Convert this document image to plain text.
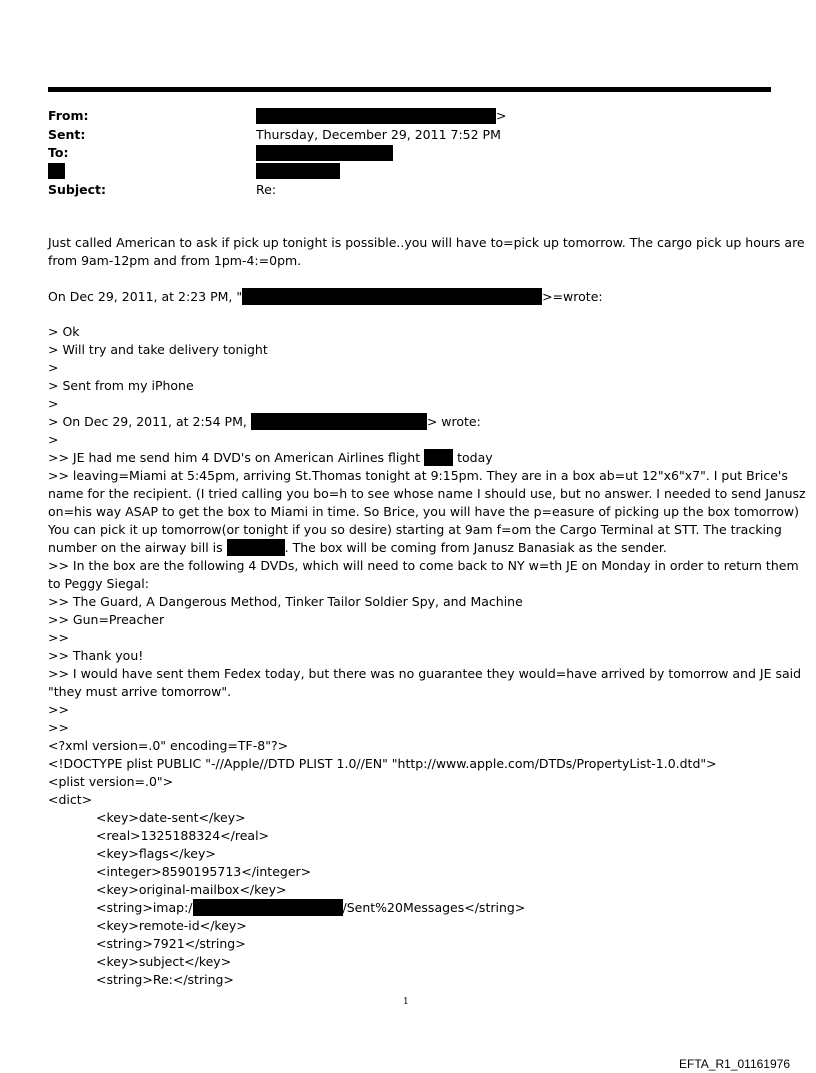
From:	>
Sent:	Thursday, December 29, 2011 7:52 PM
To:
Subject:	Re:
Just called American to ask if pick up tonight is possible..you will have to=pick up tomorrow. The cargo pick up hours are
from 9am-12pm and from 1pm-4:=0pm.
On Dec 29, 2011, at 2:23 PM, "	>=wrote:
> Ok
> Will try and take delivery tonight
>
> Sent from my iPhone
>
> On Dec 29, 2011, at 2:54 PM,	> wrote:
>
>> JE had me send him 4 DVD's on American Airlines flight	today
>> leaving=Miami at 5:45pm, arriving St.Thomas tonight at 9:15pm. They are in a box ab=ut 12"x6"x7". I put Brice's
name for the recipient. (I tried calling you bo=h to see whose name I should use, but no answer. I needed to send Janusz
on=his way ASAP to get the box to Miami in time. So Brice, you will have the p=easure of picking up the box tomorrow)
You can pick it up tomorrow(or tonight if you so desire) starting at 9am f=om the Cargo Terminal at STT. The tracking
number on the airway bill is	. The box will be coming from Janusz Banasiak as the sender.
>> In the box are the following 4 DVDs, which will need to come back to NY w=th JE on Monday in order to return them
to Peggy Siegal:
>> The Guard, A Dangerous Method, Tinker Tailor Soldier Spy, and Machine
>> Gun=Preacher
>>
>> Thank you!
>> I would have sent them Fedex today, but there was no guarantee they would=have arrived by tomorrow and JE said
"they must arrive tomorrow".
>>
>>
<?xml version=.0" encoding=TF-8"?>
<!DOCTYPE plist PUBLIC "-//Apple//DTD PLIST 1.0//EN" "http://www.apple.com/DTDs/PropertyList-1.0.dtd">
<plist version=.0">
<dict>
<key>date-sent</key>
<real>1325188324</real>
<key>flags</key>
<integer>8590195713</integer>
<key>original-mailbox</key>
<string>imap:/	/Sent%20Messages</string>
<key>remote-id</key>
<string>7921</string>
<key>subject</key>
<string>Re:</string>
1
EFTA_R1_01161976
